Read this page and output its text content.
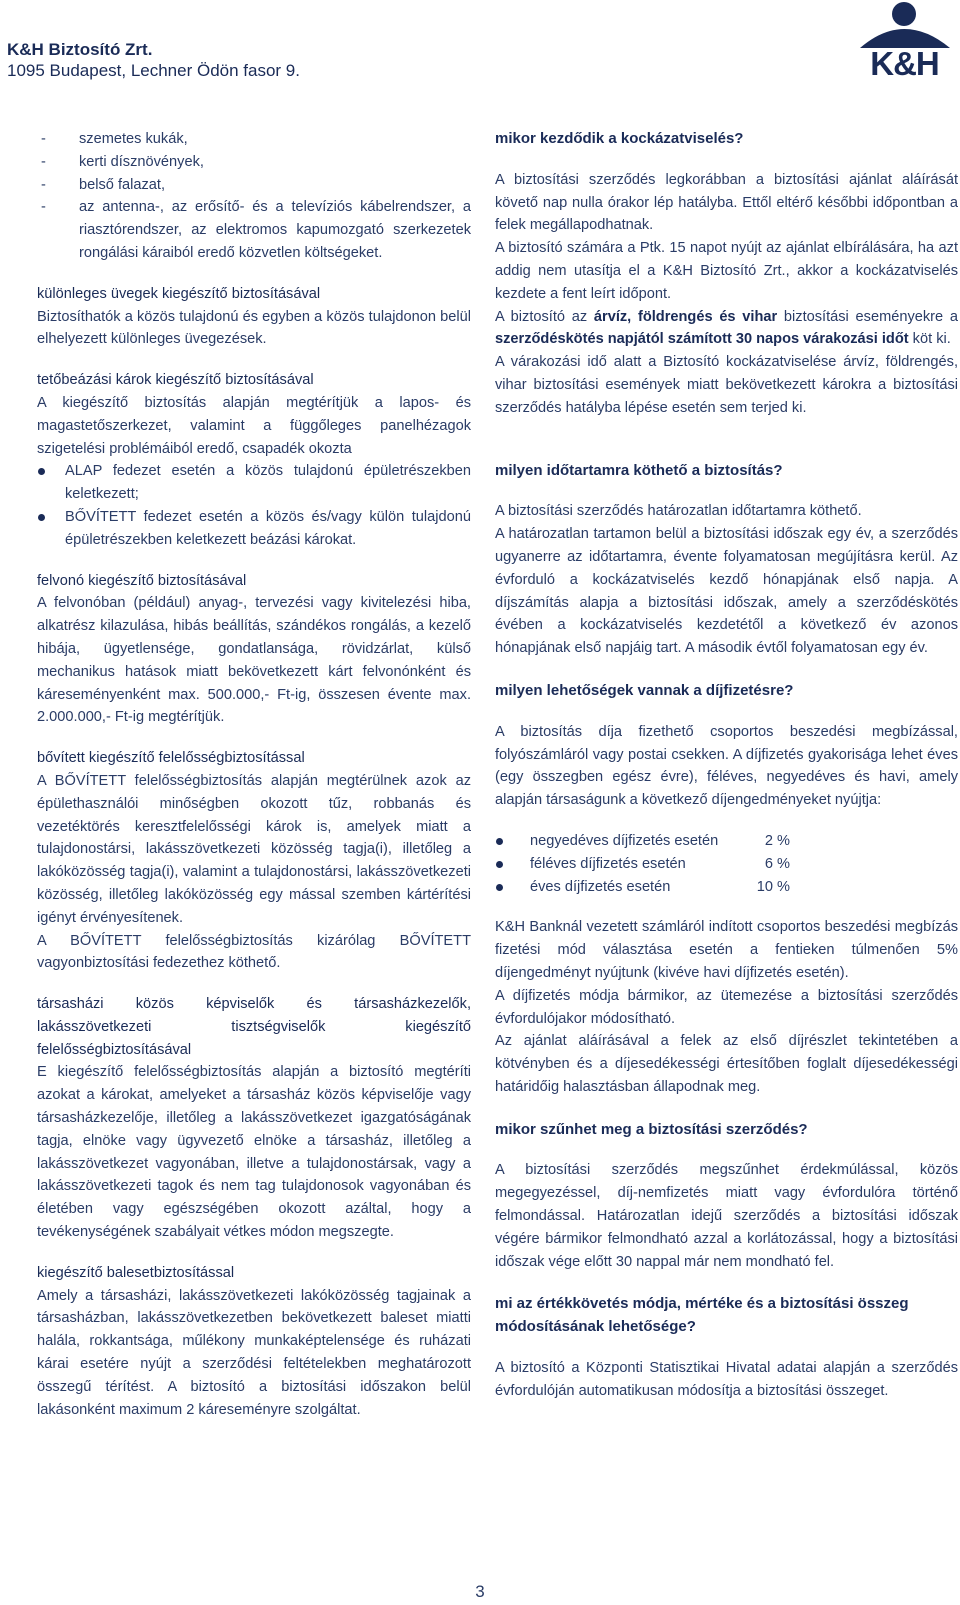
K&H Biztosító Zrt.
1095 Budapest, Lechner Ödön fasor 9.	K&H
- szemetes kukák,
- kerti dísznövények,
- belső falazat,
- az antenna-, az erősítő- és a televíziós kábelrendszer, a riasztórendszer, az elektromos kapumozgató szerkezetek rongálási káraiból eredő közvetlen költségeket.

különleges üvegek kiegészítő biztosításával

Biztosíthatók a közös tulajdonú és egyben a közös tulajdonon belül elhelyezett különleges üvegezések.

tetőbeázási károk kiegészítő biztosításával

A kiegészítő biztosítás alapján megtérítjük a lapos- és magastetőszerkezet, valamint a függőleges panelhézagok szigetelési problémáiból eredő, csapadék okozta

ALAP fedezet esetén a közös tulajdonú épületrészekben keletkezett;
BŐVÍTETT fedezet esetén a közös és/vagy külön tulajdonú épületrészekben keletkezett beázási károkat.

felvonó kiegészítő biztosításával

A felvonóban (például) anyag-, tervezési vagy kivitelezési hiba, alkatrész kilazulása, hibás beállítás, szándékos rongálás, a kezelő hibája, ügyetlensége, gondatlansága, rövidzárlat, külső mechanikus hatások miatt bekövetkezett kárt felvonónként és káreseményenként max. 500.000,- Ft-ig, összesen évente max. 2.000.000,- Ft-ig megtérítjük.

bővített kiegészítő felelősségbiztosítással

A BŐVÍTETT felelősségbiztosítás alapján megtérülnek azok az épülethasználói minőségben okozott tűz, robbanás és vezetéktörés keresztfelelősségi károk is, amelyek miatt a tulajdonostársi, lakásszövetkezeti közösség tagja(i), illetőleg a lakóközösség tagja(i), valamint a tulajdonostársi, lakásszövetkezeti közösség, illetőleg lakóközösség egy mással szemben kártérítési igényt érvényesítenek.

A BŐVÍTETT felelősségbiztosítás kizárólag BŐVÍTETT vagyonbiztosítási fedezethez köthető.

társasházi közös képviselők és társasházkezelők, lakásszövetkezeti tisztségviselők kiegészítő felelősségbiztosításával

E kiegészítő felelősségbiztosítás alapján a biztosító megtéríti azokat a károkat, amelyeket a társasház közös képviselője vagy társasházkezelője, illetőleg a lakásszövetkezet igazgatóságának tagja, elnöke vagy ügyvezető elnöke a társasház, illetőleg a lakásszövetkezet vagyonában, illetve a tulajdonostársak, vagy a lakásszövetkezeti tagok és nem tag tulajdonosok vagyonában és életében vagy egészségében okozott azáltal, hogy a tevékenységének szabályait vétkes módon megszegte.

kiegészítő balesetbiztosítással

Amely a társasházi, lakásszövetkezeti lakóközösség tagjainak a társasházban, lakásszövetkezetben bekövetkezett baleset miatti halála, rokkantsága, műlékony munkaképtelensége és ruházati kárai esetére nyújt a szerződési feltételekben meghatározott összegű térítést. A biztosító a biztosítási időszakon belül lakásonként maximum 2 káreseményre szolgáltat.

mikor kezdődik a kockázatviselés?

A biztosítási szerződés legkorábban a biztosítási ajánlat aláírását követő nap nulla órakor lép hatályba. Ettől eltérő későbbi időpontban a felek megállapodhatnak.

A biztosító számára a Ptk. 15 napot nyújt az ajánlat elbírálására, ha azt addig nem utasítja el a K&H Biztosító Zrt., akkor a kockázatviselés kezdete a fent leírt időpont.

A biztosító az árvíz, földrengés és vihar biztosítási eseményekre a szerződéskötés napjától számított 30 napos várakozási időt köt ki.

A várakozási idő alatt a Biztosító kockázatviselése árvíz, földrengés, vihar biztosítási események miatt bekövetkezett károkra a biztosítási szerződés hatályba lépése esetén sem terjed ki.

milyen időtartamra köthető a biztosítás?

A biztosítási szerződés határozatlan időtartamra köthető.

A határozatlan tartamon belül a biztosítási időszak egy év, a szerződés ugyanerre az időtartamra, évente folyamatosan megújításra kerül. Az évforduló a kockázatviselés kezdő hónapjának első napja. A díjszámítás alapja a biztosítási időszak, amely a szerződéskötés évében a kockázatviselés kezdetétől a következő év azonos hónapjának első napjáig tart. A második évtől folyamatosan egy év.

milyen lehetőségek vannak a díjfizetésre?

A biztosítás díja fizethető csoportos beszedési megbízással, folyószámláról vagy postai csekken. A díjfizetés gyakorisága lehet éves (egy összegben egész évre), féléves, negyedéves és havi, amely alapján társaságunk a következő díjengedményeket nyújtja:

negyedéves díjfizetés esetén	2 %
féléves díjfizetés esetén	6 %
éves díjfizetés esetén	10 %

K&H Banknál vezetett számláról indított csoportos beszedési megbízás fizetési mód választása esetén a fentieken túlmenően 5% díjengedményt nyújtunk (kivéve havi díjfizetés esetén).

A díjfizetés módja bármikor, az ütemezése a biztosítási szerződés évfordulójakor módosítható.

Az ajánlat aláírásával a felek az első díjrészlet tekintetében a kötvényben és a díjesedékességi értesítőben foglalt díjesedékességi határidőig halasztásban állapodnak meg.

mikor szűnhet meg a biztosítási szerződés?

A biztosítási szerződés megszűnhet érdekmúlással, közös megegyezéssel, díj-nemfizetés miatt vagy évfordulóra történő felmondással. Határozatlan idejű szerződés a biztosítási időszak végére bármikor felmondható azzal a korlátozással, hogy a biztosítási időszak vége előtt 30 nappal már nem mondható fel.

mi az értékkövetés módja, mértéke és a biztosítási összeg módosításának lehetősége?

A biztosító a Központi Statisztikai Hivatal adatai alapján a szerződés évfordulóján automatikusan módosítja a biztosítási összeget.

3
